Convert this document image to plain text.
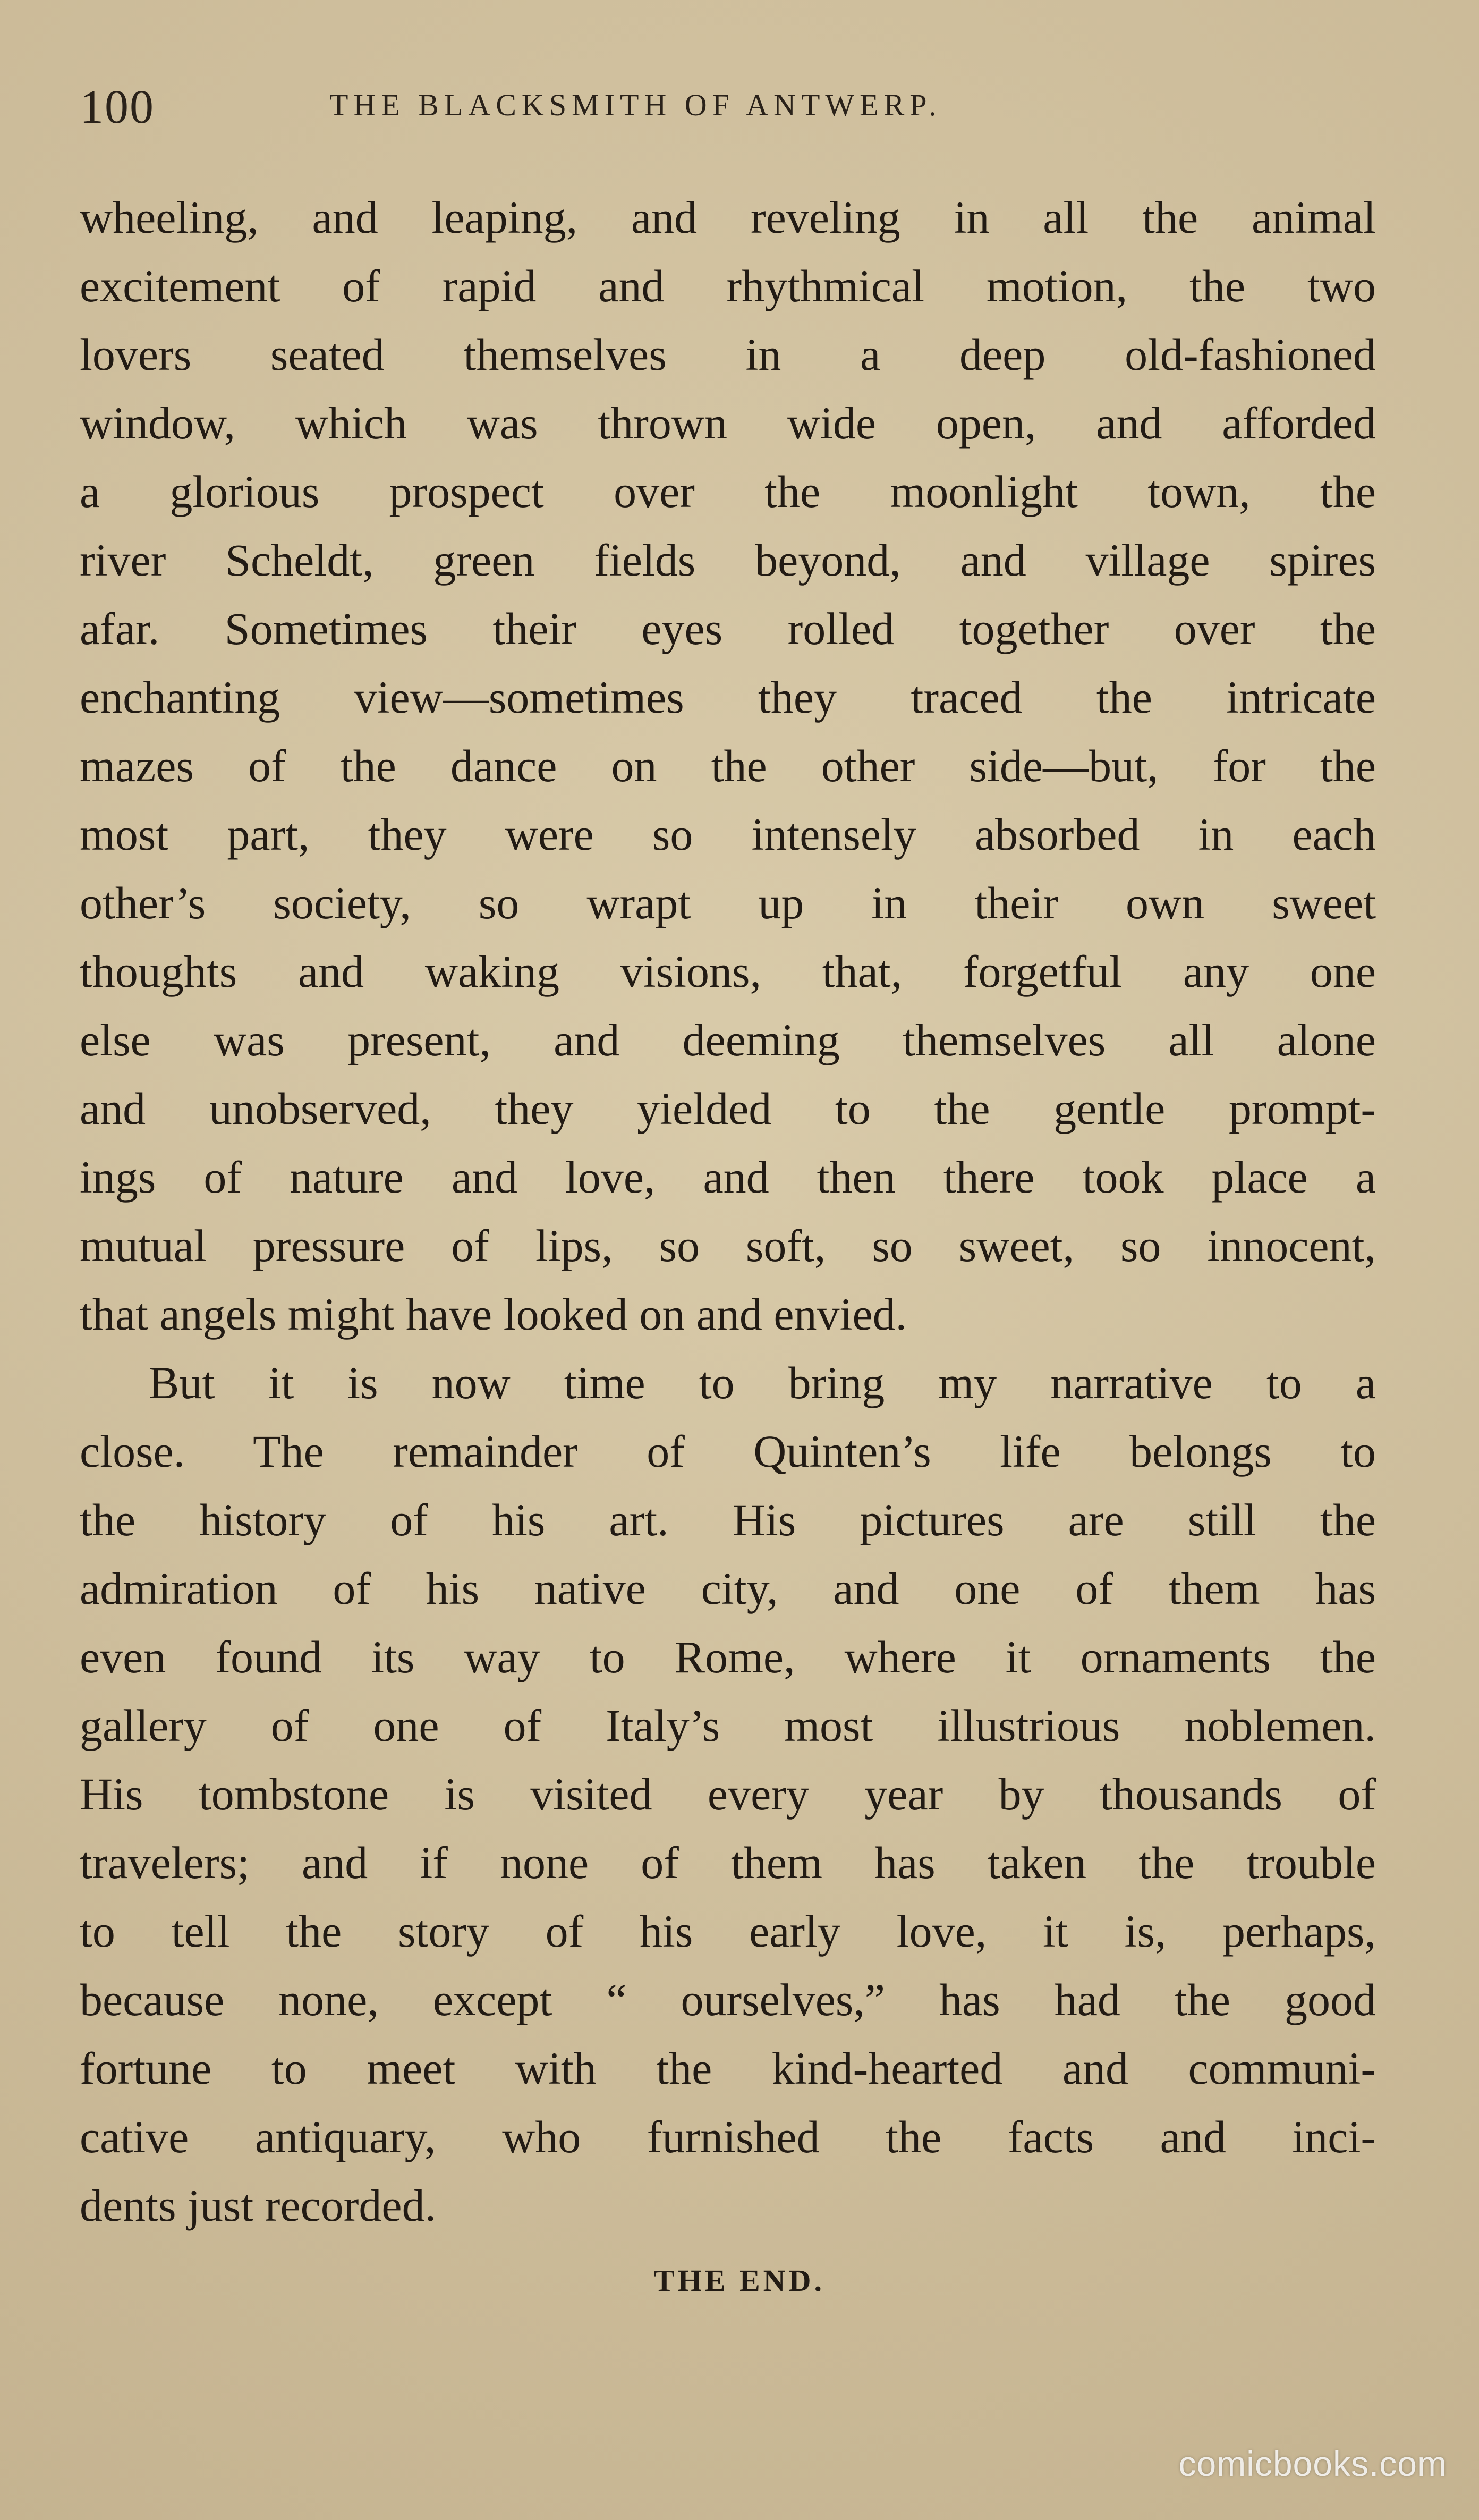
100	THE BLACKSMITH OF ANTWERP.
wheeling, and leaping, and reveling in all the animal
excitement of rapid and rhythmical motion, the two
lovers seated themselves in a deep old-fashioned
window, which was thrown wide open, and afforded
a glorious prospect over the moonlight town, the
river Scheldt, green fields beyond, and village spires
afar. Sometimes their eyes rolled together over the
enchanting view—sometimes they traced the intricate
mazes of the dance on the other side—but, for the
most part, they were so intensely absorbed in each
other’s society, so wrapt up in their own sweet
thoughts and waking visions, that, forgetful any one
else was present, and deeming themselves all alone
and unobserved, they yielded to the gentle prompt-
ings of nature and love, and then there took place a
mutual pressure of lips, so soft, so sweet, so innocent,
that angels might have looked on and envied.
But it is now time to bring my narrative to a
close. The remainder of Quinten’s life belongs to
the history of his art. His pictures are still the
admiration of his native city, and one of them has
even found its way to Rome, where it ornaments the
gallery of one of Italy’s most illustrious noblemen.
His tombstone is visited every year by thousands of
travelers; and if none of them has taken the trouble
to tell the story of his early love, it is, perhaps,
because none, except “ ourselves,” has had the good
fortune to meet with the kind-hearted and communi-
cative antiquary, who furnished the facts and inci-
dents just recorded.
THE END.
comicbooks.com
